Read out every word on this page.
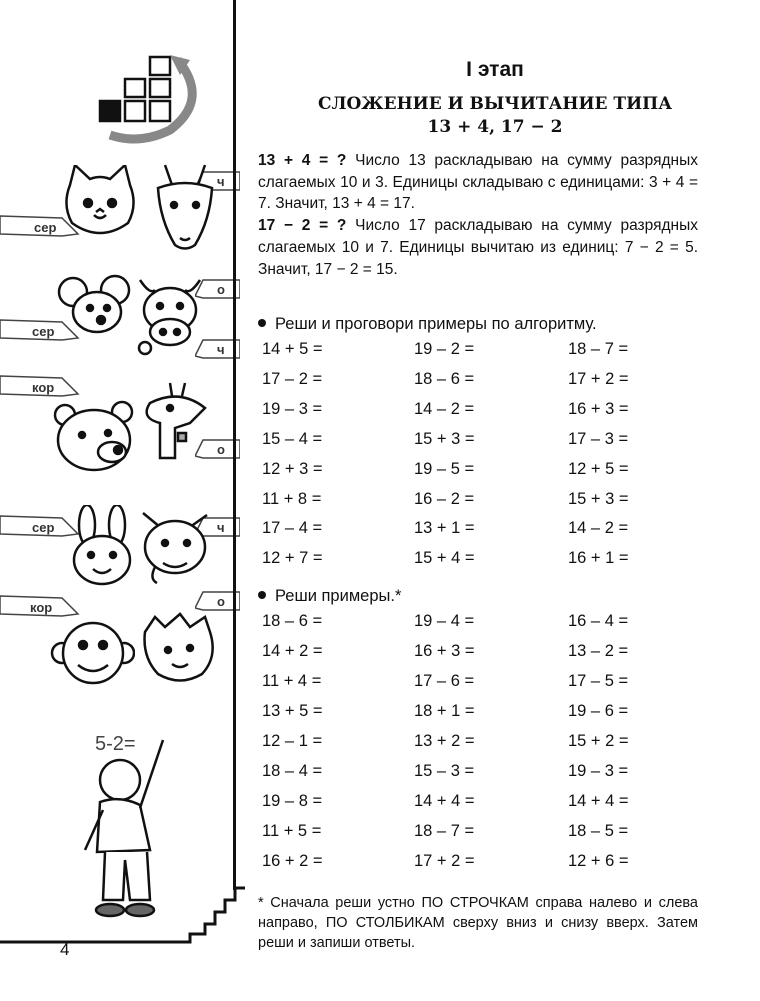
ч
сер
о
сер
ч
кор
о
сер	ч
кор	о
5-2=
I этап
СЛОЖЕНИЕ И ВЫЧИТАНИЕ ТИПА
13 + 4, 17 − 2
13 + 4 = ? Число 13 раскладываю на сумму разрядных слагаемых 10 и 3. Единицы складываю с единицами: 3 + 4 = 7. Значит, 13 + 4 = 17.
17 − 2 = ? Число 17 раскладываю на сумму разрядных слагаемых 10 и 7. Единицы вычитаю из единиц: 7 − 2 = 5. Значит, 17 − 2 = 15.
Реши и проговори примеры по алгоритму.
14 + 5 =	19 – 2 =	18 – 7 =
17 – 2 =	18 – 6 =	17 + 2 =
19 – 3 =	14 – 2 =	16 + 3 =
15 – 4 =	15 + 3 =	17 – 3 =
12 + 3 =	19 – 5 =	12 + 5 =
11 + 8 =	16 – 2 =	15 + 3 =
17 – 4 =	13 + 1 =	14 – 2 =
12 + 7 =	15 + 4 =	16 + 1 =
Реши примеры.*
18 – 6 =	19 – 4 =	16 – 4 =
14 + 2 =	16 + 3 =	13 – 2 =
11 + 4 =	17 – 6 =	17 – 5 =
13 + 5 =	18 + 1 =	19 – 6 =
12 – 1 =	13 + 2 =	15 + 2 =
18 – 4 =	15 – 3 =	19 – 3 =
19 – 8 =	14 + 4 =	14 + 4 =
11 + 5 =	18 – 7 =	18 – 5 =
16 + 2 =	17 + 2 =	12 + 6 =
* Сначала реши устно ПО СТРОЧКАМ справа налево и слева направо, ПО СТОЛБИКАМ сверху вниз и снизу вверх. Затем реши и запиши ответы.
4
